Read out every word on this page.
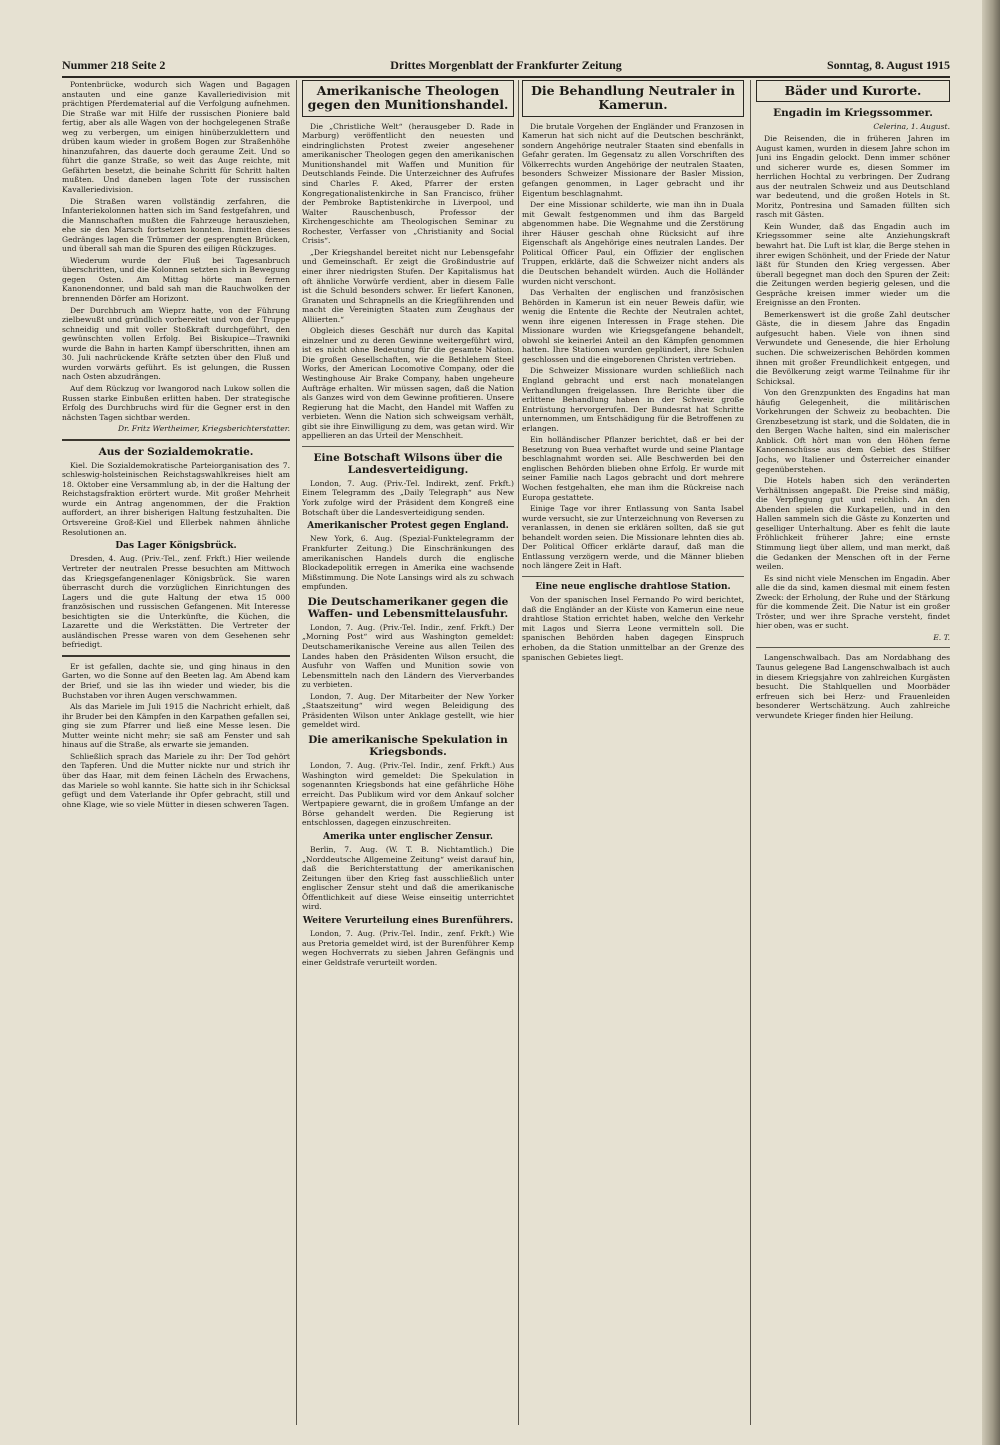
Nummer 218 Seite 2	Drittes Morgenblatt der Frankfurter Zeitung	Sonntag, 8. August 1915

Pontenbrücke, wodurch sich Wagen und Bagagen anstauten und eine ganze Kavalleriedivision mit prächtigen Pferdematerial auf die Verfolgung aufnehmen. Die Straße war mit Hilfe der russischen Pioniere bald fertig, aber als alle Wagen von der hochgelegenen Straße weg zu verbergen, um einigen hinüberzuklettern und drüben kaum wieder in großem Bogen zur Straßenhöhe hinanzufahren, das dauerte doch geraume Zeit. Und so führt die ganze Straße, so weit das Auge reichte, mit Gefährten besetzt, die beinahe Schritt für Schritt halten mußten. Und daneben lagen Tote der russischen Kavalleriedivision.

Die Straßen waren vollständig zerfahren, die Infanteriekolonnen hatten sich im Sand festgefahren, und die Mannschaften mußten die Fahrzeuge herausziehen, ehe sie den Marsch fortsetzen konnten. Inmitten dieses Gedränges lagen die Trümmer der gesprengten Brücken, und überall sah man die Spuren des eiligen Rückzuges.

Wiederum wurde der Fluß bei Tagesanbruch überschritten, und die Kolonnen setzten sich in Bewegung gegen Osten. Am Mittag hörte man fernen Kanonendonner, und bald sah man die Rauchwolken der brennenden Dörfer am Horizont.

Der Durchbruch am Wieprz hatte, von der Führung zielbewußt und gründlich vorbereitet und von der Truppe schneidig und mit voller Stoßkraft durchgeführt, den gewünschten vollen Erfolg. Bei Biskupice—Trawniki wurde die Bahn in harten Kampf überschritten, ihnen am 30. Juli nachrückende Kräfte setzten über den Fluß und wurden vorwärts geführt. Es ist gelungen, die Russen nach Osten abzudrängen.

Auf dem Rückzug vor Iwangorod nach Lukow sollen die Russen starke Einbußen erlitten haben. Der strategische Erfolg des Durchbruchs wird für die Gegner erst in den nächsten Tagen sichtbar werden.

Dr. Fritz Wertheimer, Kriegsberichterstatter.

Aus der Sozialdemokratie.

Kiel. Die Sozialdemokratische Parteiorganisation des 7. schleswig-holsteinischen Reichstagswahlkreises hielt am 18. Oktober eine Versammlung ab, in der die Haltung der Reichstagsfraktion erörtert wurde. Mit großer Mehrheit wurde ein Antrag angenommen, der die Fraktion auffordert, an ihrer bisherigen Haltung festzuhalten. Die Ortsvereine Groß-Kiel und Ellerbek nahmen ähnliche Resolutionen an.

Das Lager Königsbrück.

Dresden, 4. Aug. (Priv.-Tel., zenf. Frkft.) Hier weilende Vertreter der neutralen Presse besuchten am Mittwoch das Kriegsgefangenenlager Königsbrück. Sie waren überrascht durch die vorzüglichen Einrichtungen des Lagers und die gute Haltung der etwa 15 000 französischen und russischen Gefangenen. Mit Interesse besichtigten sie die Unterkünfte, die Küchen, die Lazarette und die Werkstätten. Die Vertreter der ausländischen Presse waren von dem Gesehenen sehr befriedigt.

Er ist gefallen, dachte sie, und ging hinaus in den Garten, wo die Sonne auf den Beeten lag. Am Abend kam der Brief, und sie las ihn wieder und wieder, bis die Buchstaben vor ihren Augen verschwammen.

Als das Mariele im Juli 1915 die Nachricht erhielt, daß ihr Bruder bei den Kämpfen in den Karpathen gefallen sei, ging sie zum Pfarrer und ließ eine Messe lesen. Die Mutter weinte nicht mehr; sie saß am Fenster und sah hinaus auf die Straße, als erwarte sie jemanden.

Schließlich sprach das Mariele zu ihr: Der Tod gehört den Tapferen. Und die Mutter nickte nur und strich ihr über das Haar, mit dem feinen Lächeln des Erwachens, das Mariele so wohl kannte. Sie hatte sich in ihr Schicksal gefügt und dem Vaterlande ihr Opfer gebracht, still und ohne Klage, wie so viele Mütter in diesen schweren Tagen.

Amerikanische Theologen gegen den Munitionshandel.

Die „Christliche Welt“ (herausgeber D. Rade in Marburg) veröffentlicht den neuesten und eindringlichsten Protest zweier angesehener amerikanischer Theologen gegen den amerikanischen Munitionshandel mit Waffen und Munition für Deutschlands Feinde. Die Unterzeichner des Aufrufes sind Charles F. Aked, Pfarrer der ersten Kongregationalistenkirche in San Francisco, früher der Pembroke Baptistenkirche in Liverpool, und Walter Rauschenbusch, Professor der Kirchengeschichte am Theologischen Seminar zu Rochester, Verfasser von „Christianity and Social Crisis“.

„Der Kriegshandel bereitet nicht nur Lebensgefahr und Gemeinschaft. Er zeigt die Großindustrie auf einer ihrer niedrigsten Stufen. Der Kapitalismus hat oft ähnliche Vorwürfe verdient, aber in diesem Falle ist die Schuld besonders schwer. Er liefert Kanonen, Granaten und Schrapnells an die Kriegführenden und macht die Vereinigten Staaten zum Zeughaus der Alliierten.“

Obgleich dieses Geschäft nur durch das Kapital einzelner und zu deren Gewinne weitergeführt wird, ist es nicht ohne Bedeutung für die gesamte Nation. Die großen Gesellschaften, wie die Bethlehem Steel Works, der American Locomotive Company, oder die Westinghouse Air Brake Company, haben ungeheure Aufträge erhalten. Wir müssen sagen, daß die Nation als Ganzes wird von dem Gewinne profitieren. Unsere Regierung hat die Macht, den Handel mit Waffen zu verbieten. Wenn die Nation sich schweigsam verhält, gibt sie ihre Einwilligung zu dem, was getan wird. Wir appellieren an das Urteil der Menschheit.

Eine Botschaft Wilsons über die Landesverteidigung.

London, 7. Aug. (Priv.-Tel. Indirekt, zenf. Frkft.) Einem Telegramm des „Daily Telegraph“ aus New York zufolge wird der Präsident dem Kongreß eine Botschaft über die Landesverteidigung senden.

Amerikanischer Protest gegen England.

New York, 6. Aug. (Spezial-Funktelegramm der Frankfurter Zeitung.) Die Einschränkungen des amerikanischen Handels durch die englische Blockadepolitik erregen in Amerika eine wachsende Mißstimmung. Die Note Lansings wird als zu schwach empfunden.

Die Deutschamerikaner gegen die Waffen- und Lebensmittelausfuhr.

London, 7. Aug. (Priv.-Tel. Indir., zenf. Frkft.) Der „Morning Post“ wird aus Washington gemeldet: Deutschamerikanische Vereine aus allen Teilen des Landes haben den Präsidenten Wilson ersucht, die Ausfuhr von Waffen und Munition sowie von Lebensmitteln nach den Ländern des Vierverbandes zu verbieten.

London, 7. Aug. Der Mitarbeiter der New Yorker „Staatszeitung“ wird wegen Beleidigung des Präsidenten Wilson unter Anklage gestellt, wie hier gemeldet wird.

Die amerikanische Spekulation in Kriegsbonds.

London, 7. Aug. (Priv.-Tel. Indir., zenf. Frkft.) Aus Washington wird gemeldet: Die Spekulation in sogenannten Kriegsbonds hat eine gefährliche Höhe erreicht. Das Publikum wird vor dem Ankauf solcher Wertpapiere gewarnt, die in großem Umfange an der Börse gehandelt werden. Die Regierung ist entschlossen, dagegen einzuschreiten.

Amerika unter englischer Zensur.

Berlin, 7. Aug. (W. T. B. Nichtamtlich.) Die „Norddeutsche Allgemeine Zeitung“ weist darauf hin, daß die Berichterstattung der amerikanischen Zeitungen über den Krieg fast ausschließlich unter englischer Zensur steht und daß die amerikanische Öffentlichkeit auf diese Weise einseitig unterrichtet wird.

Weitere Verurteilung eines Burenführers.

London, 7. Aug. (Priv.-Tel. Indir., zenf. Frkft.) Wie aus Pretoria gemeldet wird, ist der Burenführer Kemp wegen Hochverrats zu sieben Jahren Gefängnis und einer Geldstrafe verurteilt worden.

Die Behandlung Neutraler in Kamerun.

Die brutale Vorgehen der Engländer und Franzosen in Kamerun hat sich nicht auf die Deutschen beschränkt, sondern Angehörige neutraler Staaten sind ebenfalls in Gefahr geraten. Im Gegensatz zu allen Vorschriften des Völkerrechts wurden Angehörige der neutralen Staaten, besonders Schweizer Missionare der Basler Mission, gefangen genommen, in Lager gebracht und ihr Eigentum beschlagnahmt.

Der eine Missionar schilderte, wie man ihn in Duala mit Gewalt festgenommen und ihm das Bargeld abgenommen habe. Die Wegnahme und die Zerstörung ihrer Häuser geschah ohne Rücksicht auf ihre Eigenschaft als Angehörige eines neutralen Landes. Der Political Officer Paul, ein Offizier der englischen Truppen, erklärte, daß die Schweizer nicht anders als die Deutschen behandelt würden. Auch die Holländer wurden nicht verschont.

Das Verhalten der englischen und französischen Behörden in Kamerun ist ein neuer Beweis dafür, wie wenig die Entente die Rechte der Neutralen achtet, wenn ihre eigenen Interessen in Frage stehen. Die Missionare wurden wie Kriegsgefangene behandelt, obwohl sie keinerlei Anteil an den Kämpfen genommen hatten. Ihre Stationen wurden geplündert, ihre Schulen geschlossen und die eingeborenen Christen vertrieben.

Die Schweizer Missionare wurden schließlich nach England gebracht und erst nach monatelangen Verhandlungen freigelassen. Ihre Berichte über die erlittene Behandlung haben in der Schweiz große Entrüstung hervorgerufen. Der Bundesrat hat Schritte unternommen, um Entschädigung für die Betroffenen zu erlangen.

Ein holländischer Pflanzer berichtet, daß er bei der Besetzung von Buea verhaftet wurde und seine Plantage beschlagnahmt worden sei. Alle Beschwerden bei den englischen Behörden blieben ohne Erfolg. Er wurde mit seiner Familie nach Lagos gebracht und dort mehrere Wochen festgehalten, ehe man ihm die Rückreise nach Europa gestattete.

Einige Tage vor ihrer Entlassung von Santa Isabel wurde versucht, sie zur Unterzeichnung von Reversen zu veranlassen, in denen sie erklären sollten, daß sie gut behandelt worden seien. Die Missionare lehnten dies ab. Der Political Officer erklärte darauf, daß man die Entlassung verzögern werde, und die Männer blieben noch längere Zeit in Haft.

Eine neue englische drahtlose Station.

Von der spanischen Insel Fernando Po wird berichtet, daß die Engländer an der Küste von Kamerun eine neue drahtlose Station errichtet haben, welche den Verkehr mit Lagos und Sierra Leone vermitteln soll. Die spanischen Behörden haben dagegen Einspruch erhoben, da die Station unmittelbar an der Grenze des spanischen Gebietes liegt.

Bäder und Kurorte.
Engadin im Kriegssommer.

Celerina, 1. August.

Die Reisenden, die in früheren Jahren im August kamen, wurden in diesem Jahre schon im Juni ins Engadin gelockt. Denn immer schöner und sicherer wurde es, diesen Sommer im herrlichen Hochtal zu verbringen. Der Zudrang aus der neutralen Schweiz und aus Deutschland war bedeutend, und die großen Hotels in St. Moritz, Pontresina und Samaden füllten sich rasch mit Gästen.

Kein Wunder, daß das Engadin auch im Kriegssommer seine alte Anziehungskraft bewahrt hat. Die Luft ist klar, die Berge stehen in ihrer ewigen Schönheit, und der Friede der Natur läßt für Stunden den Krieg vergessen. Aber überall begegnet man doch den Spuren der Zeit: die Zeitungen werden begierig gelesen, und die Gespräche kreisen immer wieder um die Ereignisse an den Fronten.

Bemerkenswert ist die große Zahl deutscher Gäste, die in diesem Jahre das Engadin aufgesucht haben. Viele von ihnen sind Verwundete und Genesende, die hier Erholung suchen. Die schweizerischen Behörden kommen ihnen mit großer Freundlichkeit entgegen, und die Bevölkerung zeigt warme Teilnahme für ihr Schicksal.

Von den Grenzpunkten des Engadins hat man häufig Gelegenheit, die militärischen Vorkehrungen der Schweiz zu beobachten. Die Grenzbesetzung ist stark, und die Soldaten, die in den Bergen Wache halten, sind ein malerischer Anblick. Oft hört man von den Höhen ferne Kanonenschüsse aus dem Gebiet des Stilfser Jochs, wo Italiener und Österreicher einander gegenüberstehen.

Die Hotels haben sich den veränderten Verhältnissen angepaßt. Die Preise sind mäßig, die Verpflegung gut und reichlich. An den Abenden spielen die Kurkapellen, und in den Hallen sammeln sich die Gäste zu Konzerten und geselliger Unterhaltung. Aber es fehlt die laute Fröhlichkeit früherer Jahre; eine ernste Stimmung liegt über allem, und man merkt, daß die Gedanken der Menschen oft in der Ferne weilen.

Es sind nicht viele Menschen im Engadin. Aber alle die da sind, kamen diesmal mit einem festen Zweck: der Erholung, der Ruhe und der Stärkung für die kommende Zeit. Die Natur ist ein großer Tröster, und wer ihre Sprache versteht, findet hier oben, was er sucht.

E. T.

Langenschwalbach. Das am Nordabhang des Taunus gelegene Bad Langenschwalbach ist auch in diesem Kriegsjahre von zahlreichen Kurgästen besucht. Die Stahlquellen und Moorbäder erfreuen sich bei Herz- und Frauenleiden besonderer Wertschätzung. Auch zahlreiche verwundete Krieger finden hier Heilung.
